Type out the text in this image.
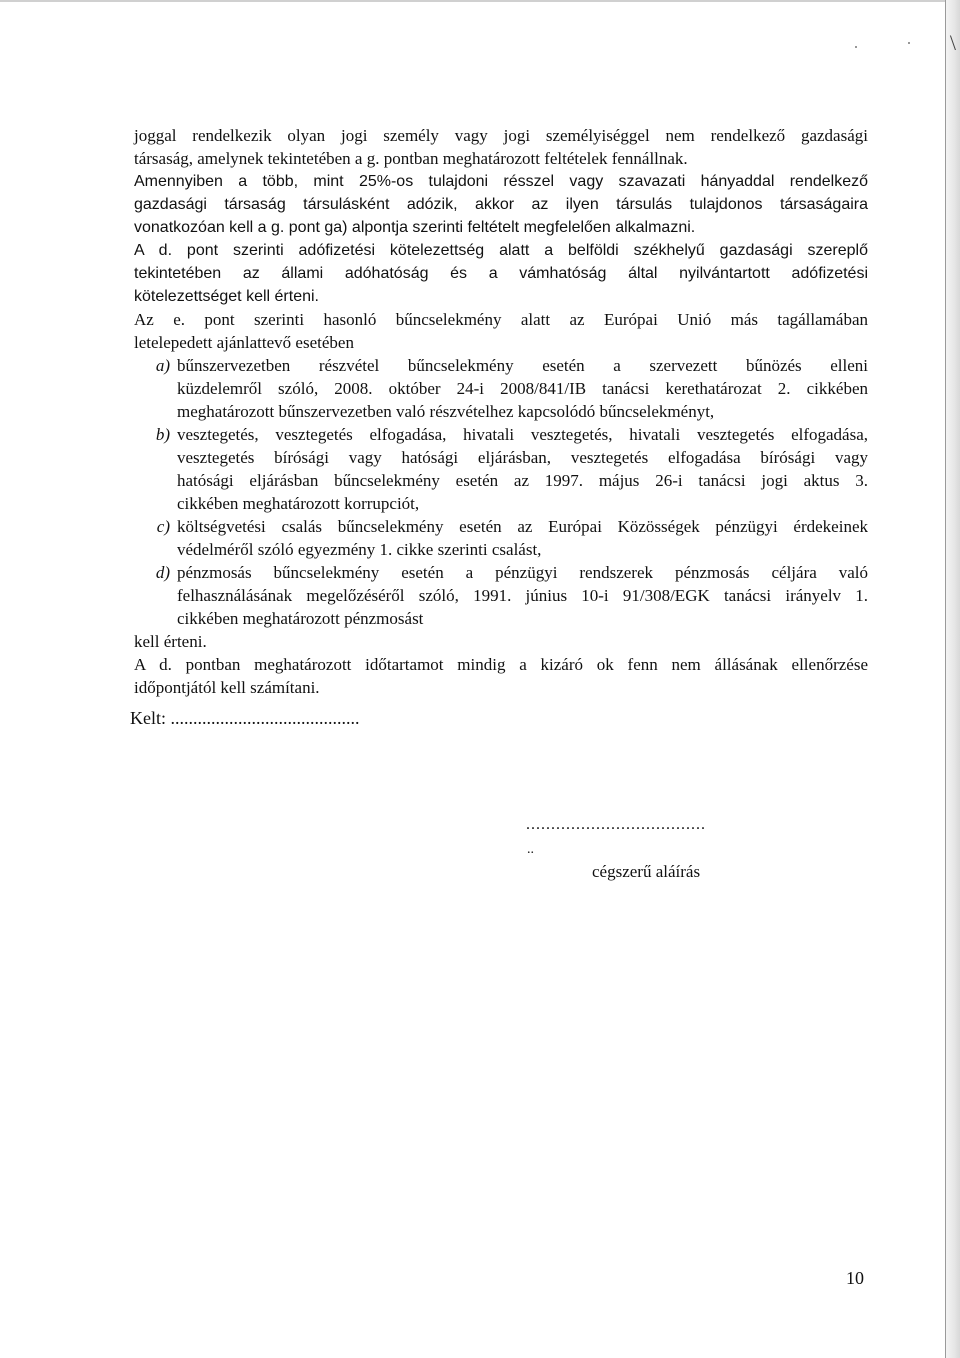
\
joggal rendelkezik olyan jogi személy vagy jogi személyiséggel nem rendelkező gazdasági
társaság, amelynek tekintetében a g. pontban meghatározott feltételek fennállnak.
Amennyiben a több, mint 25%-os tulajdoni résszel vagy szavazati hányaddal rendelkező
gazdasági társaság társulásként adózik, akkor az ilyen társulás tulajdonos társaságaira
vonatkozóan kell a g. pont ga) alpontja szerinti feltételt megfelelően alkalmazni.
A d. pont szerinti adófizetési kötelezettség alatt a belföldi székhelyű gazdasági szereplő
tekintetében az állami adóhatóság és a vámhatóság által nyilvántartott adófizetési
kötelezettséget kell érteni.
Az e. pont szerinti hasonló bűncselekmény alatt az Európai Unió más tagállamában
letelepedett ajánlattevő esetében
a) bűnszervezetben részvétel bűncselekmény esetén a szervezett bűnözés elleni
küzdelemről szóló, 2008. október 24-i 2008/841/IB tanácsi kerethatározat 2. cikkében
meghatározott bűnszervezetben való részvételhez kapcsolódó bűncselekményt,
b) vesztegetés, vesztegetés elfogadása, hivatali vesztegetés, hivatali vesztegetés elfogadása,
vesztegetés bírósági vagy hatósági eljárásban, vesztegetés elfogadása bírósági vagy
hatósági eljárásban bűncselekmény esetén az 1997. május 26-i tanácsi jogi aktus 3.
cikkében meghatározott korrupciót,
c) költségvetési csalás bűncselekmény esetén az Európai Közösségek pénzügyi érdekeinek
védelméről szóló egyezmény 1. cikke szerinti csalást,
d) pénzmosás bűncselekmény esetén a pénzügyi rendszerek pénzmosás céljára való
felhasználásának megelőzéséről szóló, 1991. június 10-i 91/308/EGK tanácsi irányelv 1.
cikkében meghatározott pénzmosást
kell érteni.
A d. pontban meghatározott időtartamot mindig a kizáró ok fenn nem állásának ellenőrzése
időpontjától kell számítani.
Kelt: ..........................................
....................................
..
cégszerű aláírás
10
